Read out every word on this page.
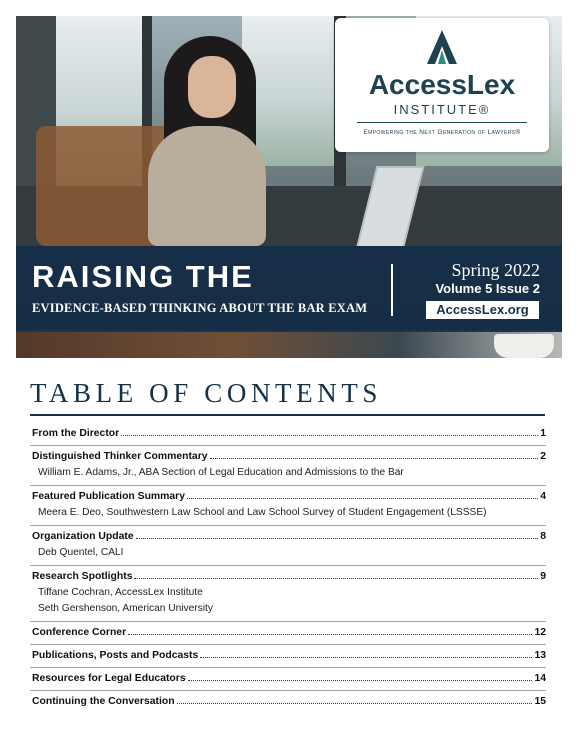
AccessLex
INSTITUTE®
Empowering the Next Generation of Lawyers®
RAISING THE
EVIDENCE-BASED THINKING ABOUT THE BAR EXAM
Spring 2022
Volume 5 Issue 2
AccessLex.org
TABLE OF CONTENTS
From the Director	1
Distinguished Thinker Commentary	2
William E. Adams, Jr., ABA Section of Legal Education and Admissions to the Bar
Featured Publication Summary	4
Meera E. Deo, Southwestern Law School and Law School Survey of Student Engagement (LSSSE)
Organization Update	8
Deb Quentel, CALI
Research Spotlights	9
Tiffane Cochran, AccessLex Institute
Seth Gershenson, American University
Conference Corner	12
Publications, Posts and Podcasts	13
Resources for Legal Educators	14
Continuing the Conversation	15
